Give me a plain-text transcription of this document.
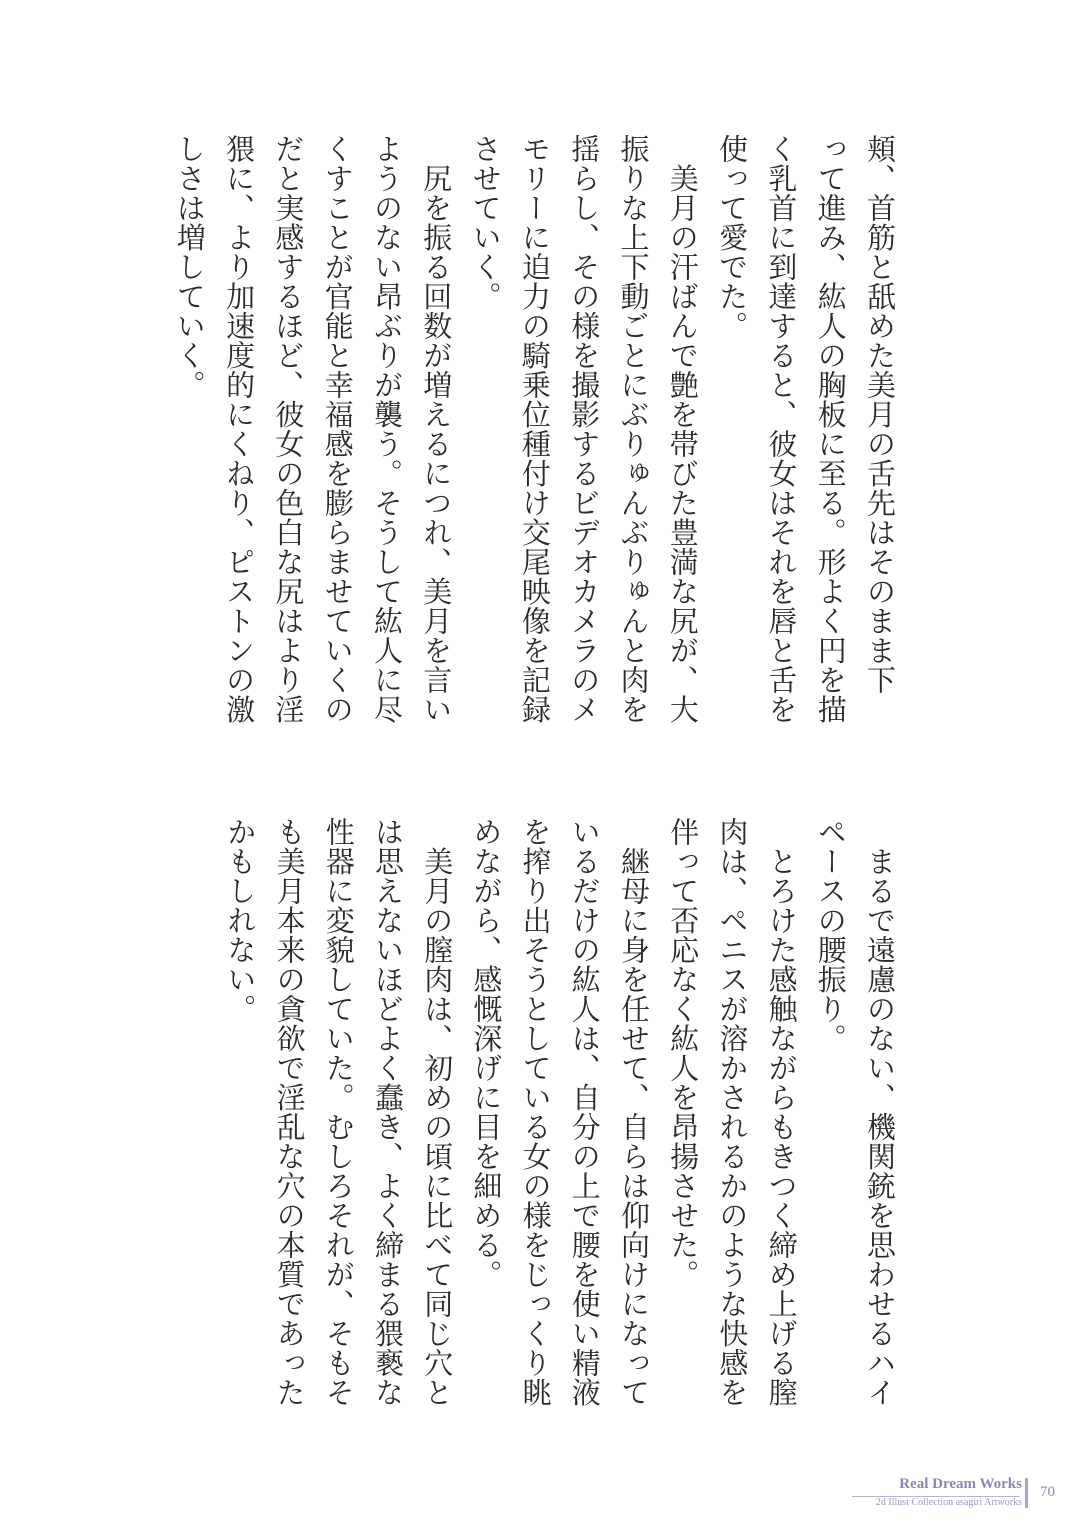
頬、首筋と舐めた美月の舌先はそのまま下
って進み、紘人の胸板に至る。形よく円を描
く乳首に到達すると、彼女はそれを唇と舌を
使って愛でた。
　美月の汗ばんで艶を帯びた豊満な尻が、大
振りな上下動ごとにぶりゅんぶりゅんと肉を
揺らし、その様を撮影するビデオカメラのメ
モリーに迫力の騎乗位種付け交尾映像を記録
させていく。
　尻を振る回数が増えるにつれ、美月を言い
ようのない昂ぶりが襲う。そうして紘人に尽
くすことが官能と幸福感を膨らませていくの
だと実感するほど、彼女の色白な尻はより淫
猥に、より加速度的にくねり、ピストンの激
しさは増していく。
　まるで遠慮のない、機関銃を思わせるハイ
ペースの腰振り。
　とろけた感触ながらもきつく締め上げる膣
肉は、ペニスが溶かされるかのような快感を
伴って否応なく紘人を昂揚させた。
　継母に身を任せて、自らは仰向けになって
いるだけの紘人は、自分の上で腰を使い精液
を搾り出そうとしている女の様をじっくり眺
めながら、感慨深げに目を細める。
　美月の膣肉は、初めの頃に比べて同じ穴と
は思えないほどよく蠢き、よく締まる猥褻な
性器に変貌していた。むしろそれが、そもそ
も美月本来の貪欲で淫乱な穴の本質であった
かもしれない。
Real Dream Works
2d Illust Collection asagiri Artworks
70
